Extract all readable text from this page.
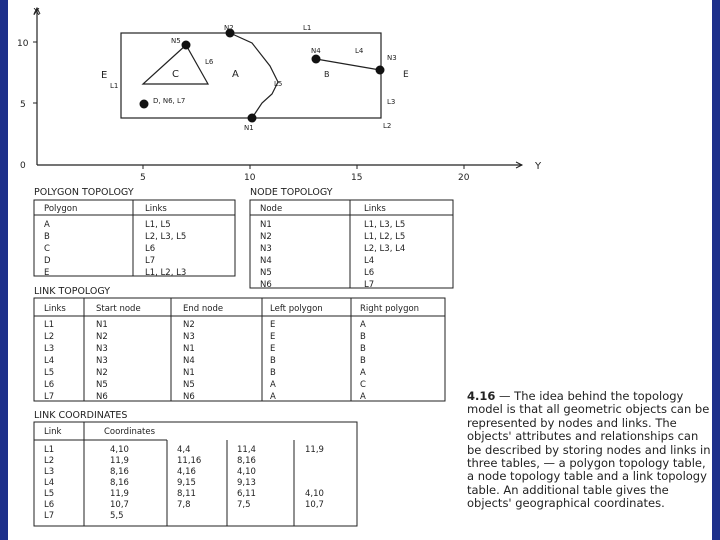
X
Y
10
5
0
5	10	15	20
N1
N2
N3
N4
N5
L1
L2
L3
L4
L5
L6
L1
A	B
C
E	E
D, N6, L7
POLYGON TOPOLOGY
Polygon	Links
A	L1, L5
B	L2, L3, L5
C	L6
D	L7
E	L1, L2, L3
NODE TOPOLOGY
Node	Links
N1	L1, L3, L5
N2	L1, L2, L5
N3	L2, L3, L4
N4	L4
N5	L6
N6	L7
LINK TOPOLOGY
Links	Start node	End node	Left polygon	Right polygon
L1	N1	N2	E	A
L2	N2	N3	E	B
L3	N3	N1	E	B
L4	N3	N4	B	B
L5	N2	N1	B	A
L6	N5	N5	A	C
L7	N6	N6	A	A
LINK COORDINATES
Link	Coordinates
L1	4,10	4,4	11,4	11,9
L2	11,9	11,16	8,16
L3	8,16	4,16	4,10
L4	8,16	9,15	9,13
L5	11,9	8,11	6,11	4,10
L6	10,7	7,8	7,5	10,7
L7	5,5
4.16 — The idea behind the topology model is that all geometric objects can be represented by nodes and links. The objects' attributes and relationships can be described by storing nodes and links in three tables, — a polygon topology table, a node topology table and a link topology table. An additional table gives the objects' geographical coordinates.
